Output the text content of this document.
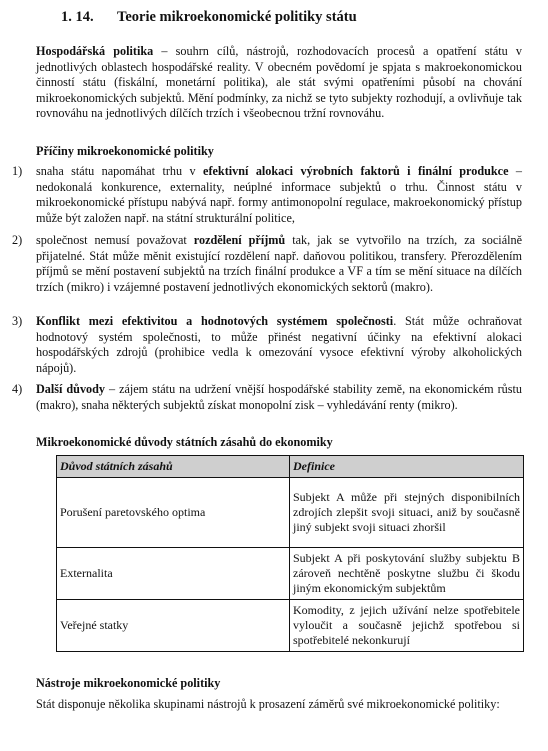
1. 14. Teorie mikroekonomické politiky státu
Hospodářská politika – souhrn cílů, nástrojů, rozhodovacích procesů a opatření státu v jednotlivých oblastech hospodářské reality. V obecném povědomí je spjata s makroekonomickou činností státu (fiskální, monetární politika), ale stát svými opatřeními působí na chování mikroekonomických subjektů. Mění podmínky, za nichž se tyto subjekty rozhodují, a ovlivňuje tak rovnováhu na jednotlivých dílčích trzích i všeobecnou tržní rovnováhu.
Příčiny mikroekonomické politiky
1)	snaha státu napomáhat trhu v efektivní alokaci výrobních faktorů i finální produkce – nedokonalá konkurence, externality, neúplné informace subjektů o trhu. Činnost státu v mikroekonomické přístupu nabývá např. formy antimonopolní regulace, makroekonomický přístup může být založen např. na státní strukturální politice,
2)	společnost nemusí považovat rozdělení příjmů tak, jak se vytvořilo na trzích, za sociálně přijatelné. Stát může měnit existující rozdělení např. daňovou politikou, transfery. Přerozdělením příjmů se mění postavení subjektů na trzích finální produkce a VF a tím se mění situace na dílčích trzích (mikro) i vzájemné postavení jednotlivých ekonomických sektorů (makro).
3)	Konflikt mezi efektivitou a hodnotových systémem společnosti. Stát může ochraňovat hodnotový systém společnosti, to může přinést negativní účinky na efektivní alokaci hospodářských zdrojů (prohibice vedla k omezování vysoce efektivní výroby alkoholických nápojů).
4)	Další důvody – zájem státu na udržení vnější hospodářské stability země, na ekonomickém růstu (makro), snaha některých subjektů získat monopolní zisk – vyhledávání renty (mikro).
Mikroekonomické důvody státních zásahů do ekonomiky
Důvod státních zásahů	Definice
Porušení paretovského optima	Subjekt A může při stejných disponibilních zdrojích zlepšit svoji situaci, aniž by současně jiný subjekt svoji situaci zhoršil
Externalita	Subjekt A při poskytování služby subjektu B zároveň nechtěně poskytne službu či škodu jiným ekonomickým subjektům
Veřejné statky	Komodity, z jejich užívání nelze spotřebitele vyloučit a současně jejichž spotřebou si spotřebitelé nekonkurují
Nástroje mikroekonomické politiky
Stát disponuje několika skupinami nástrojů k prosazení záměrů své mikroekonomické politiky:
